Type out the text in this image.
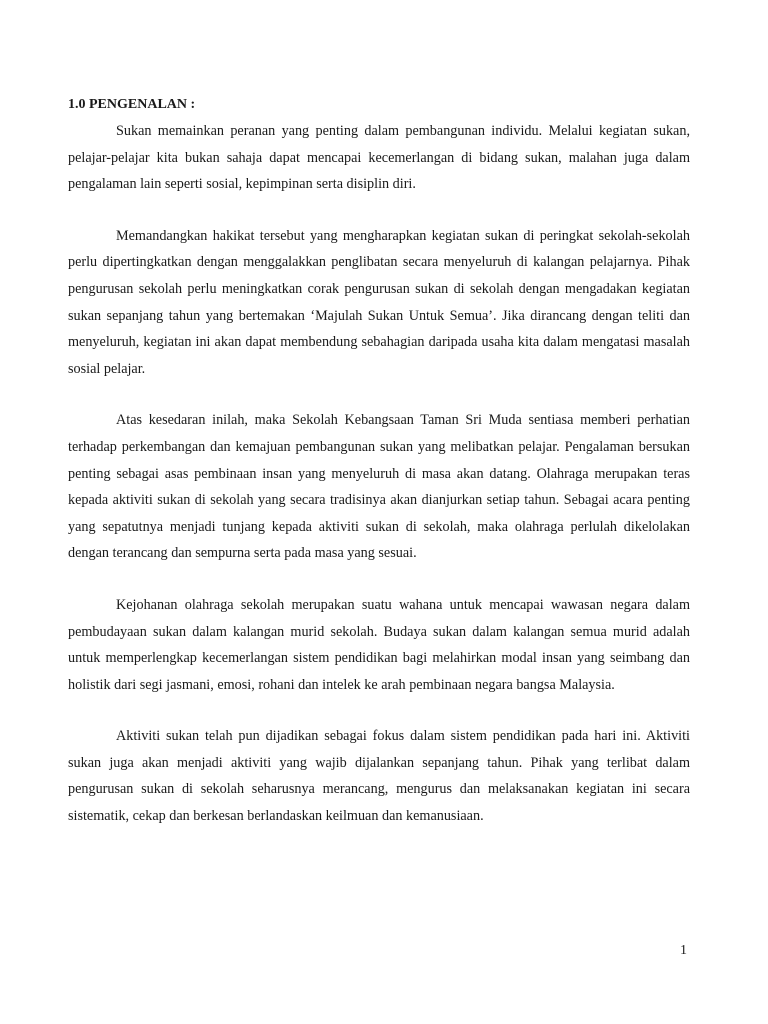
1.0 PENGENALAN :

Sukan memainkan peranan yang penting dalam pembangunan individu. Melalui kegiatan sukan, pelajar-pelajar kita bukan sahaja dapat mencapai kecemerlangan di bidang sukan, malahan juga dalam pengalaman lain seperti sosial, kepimpinan serta disiplin diri.

Memandangkan hakikat tersebut yang mengharapkan kegiatan sukan di peringkat sekolah-sekolah perlu dipertingkatkan dengan menggalakkan penglibatan secara menyeluruh di kalangan pelajarnya. Pihak pengurusan sekolah perlu meningkatkan corak pengurusan sukan di sekolah dengan mengadakan kegiatan sukan sepanjang tahun yang bertemakan ‘Majulah Sukan Untuk Semua’. Jika dirancang dengan teliti dan menyeluruh, kegiatan ini akan dapat membendung sebahagian daripada usaha kita dalam mengatasi masalah sosial pelajar.

Atas kesedaran inilah, maka Sekolah Kebangsaan Taman Sri Muda sentiasa memberi perhatian terhadap perkembangan dan kemajuan pembangunan sukan yang melibatkan pelajar. Pengalaman bersukan penting sebagai asas pembinaan insan yang menyeluruh di masa akan datang. Olahraga merupakan teras kepada aktiviti sukan di sekolah yang secara tradisinya akan dianjurkan setiap tahun. Sebagai acara penting yang sepatutnya menjadi tunjang kepada aktiviti sukan di sekolah, maka olahraga perlulah dikelolakan dengan terancang dan sempurna serta pada masa yang sesuai.

Kejohanan olahraga sekolah merupakan suatu wahana untuk mencapai wawasan negara dalam pembudayaan sukan dalam kalangan murid sekolah. Budaya sukan dalam kalangan semua murid adalah untuk memperlengkap kecemerlangan sistem pendidikan bagi melahirkan modal insan yang seimbang dan holistik dari segi jasmani, emosi, rohani dan intelek ke arah pembinaan negara bangsa Malaysia.

Aktiviti sukan telah pun dijadikan sebagai fokus dalam sistem pendidikan pada hari ini. Aktiviti sukan juga akan menjadi aktiviti yang wajib dijalankan sepanjang tahun. Pihak yang terlibat dalam pengurusan sukan di sekolah seharusnya merancang, mengurus dan melaksanakan kegiatan ini secara sistematik, cekap dan berkesan berlandaskan keilmuan dan kemanusiaan.

1
